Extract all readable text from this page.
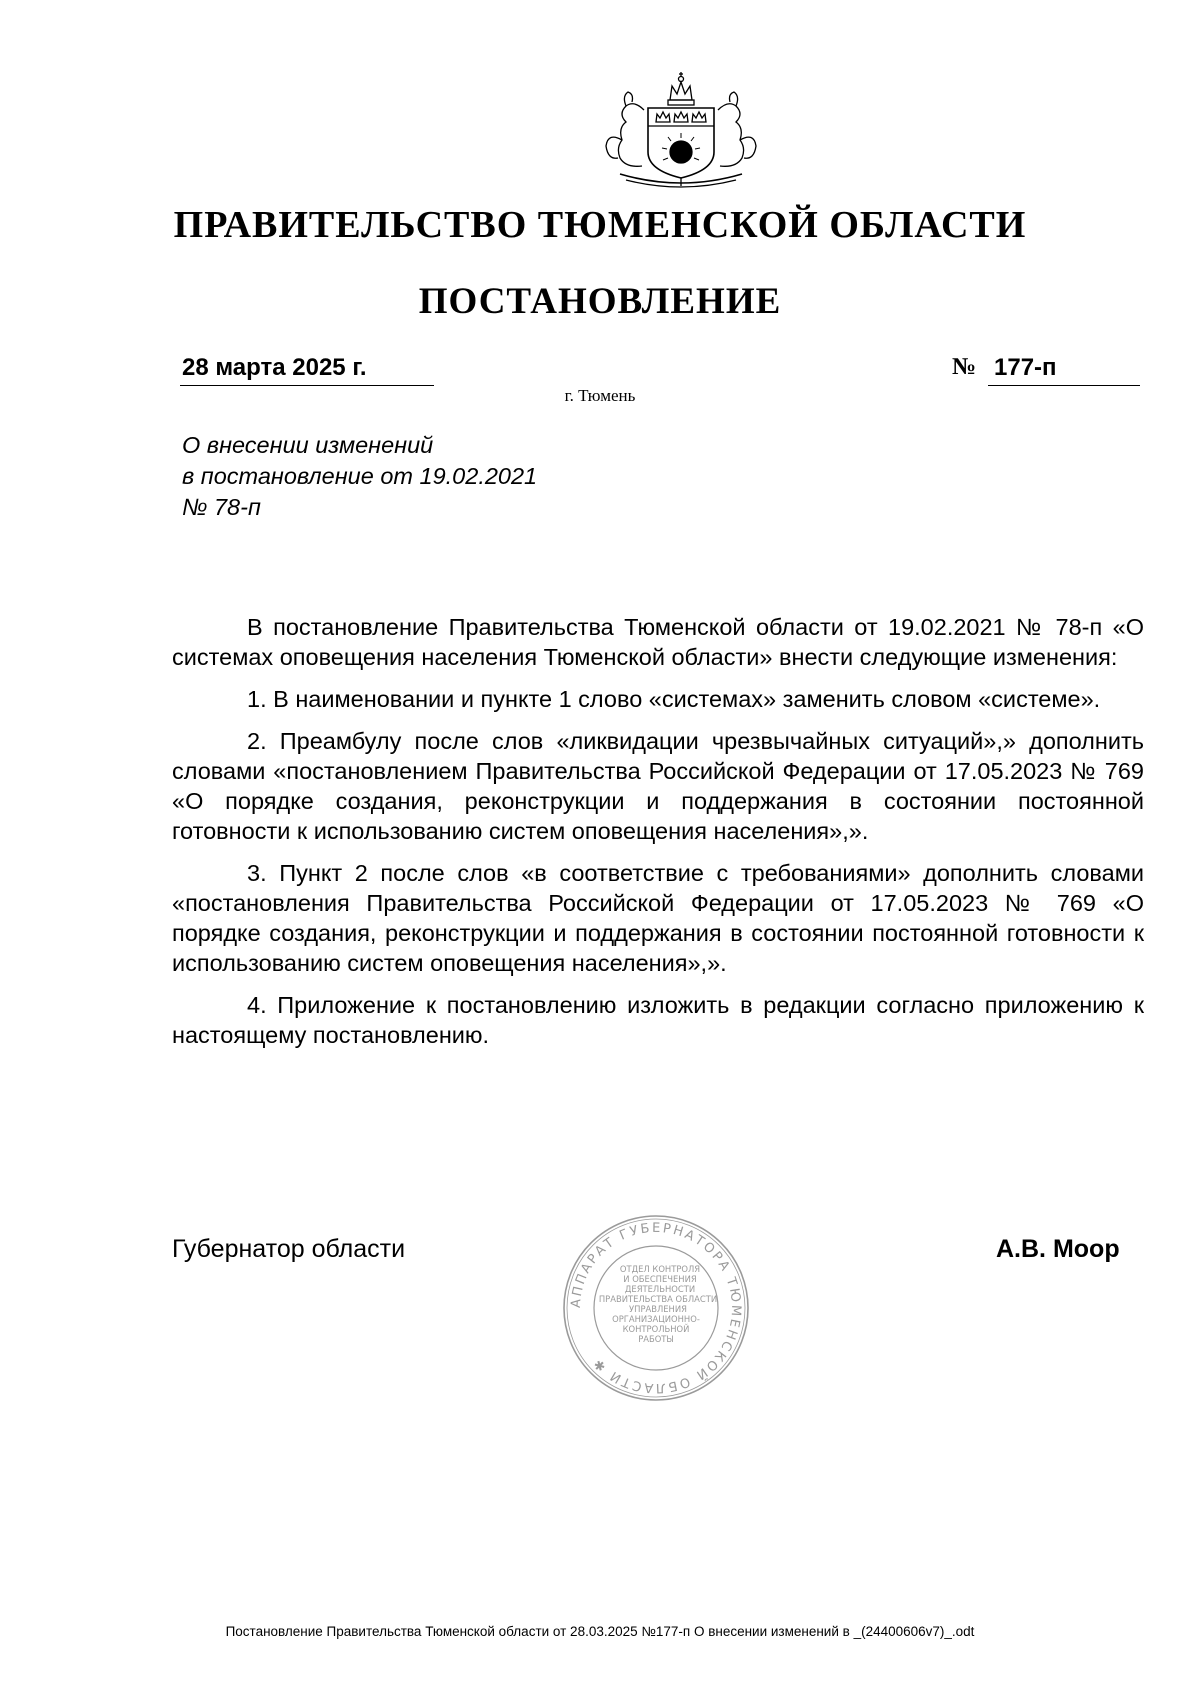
ПРАВИТЕЛЬСТВО ТЮМЕНСКОЙ ОБЛАСТИ
ПОСТАНОВЛЕНИЕ
28 марта 2025 г.	№ 177-п
г. Тюмень
О внесении изменений
в постановление от 19.02.2021
№ 78-п

В постановление Правительства Тюменской области от 19.02.2021 № 78-п «О системах оповещения населения Тюменской области» внести следующие изменения:

1. В наименовании и пункте 1 слово «системах» заменить словом «системе».

2. Преамбулу после слов «ликвидации чрезвычайных ситуаций»,» дополнить словами «постановлением Правительства Российской Федерации от 17.05.2023 № 769 «О порядке создания, реконструкции и поддержания в состоянии постоянной готовности к использованию систем оповещения населения»,».

3. Пункт 2 после слов «в соответствие с требованиями» дополнить словами «постановления Правительства Российской Федерации от 17.05.2023 № 769 «О порядке создания, реконструкции и поддержания в состоянии постоянной готовности к использованию систем оповещения населения»,».

4. Приложение к постановлению изложить в редакции согласно приложению к настоящему постановлению.

Губернатор области	А.В. Моор
АППАРАТ ГУБЕРНАТОРА ТЮМЕНСКОЙ ОБЛАСТИ ✱
ОТДЕЛ КОНТРОЛЯ
И ОБЕСПЕЧЕНИЯ
ДЕЯТЕЛЬНОСТИ
ПРАВИТЕЛЬСТВА ОБЛАСТИ
УПРАВЛЕНИЯ
ОРГАНИЗАЦИОННО-
КОНТРОЛЬНОЙ
РАБОТЫ
Постановление Правительства Тюменской области от 28.03.2025 №177-п О внесении изменений в _(24400606v7)_.odt
